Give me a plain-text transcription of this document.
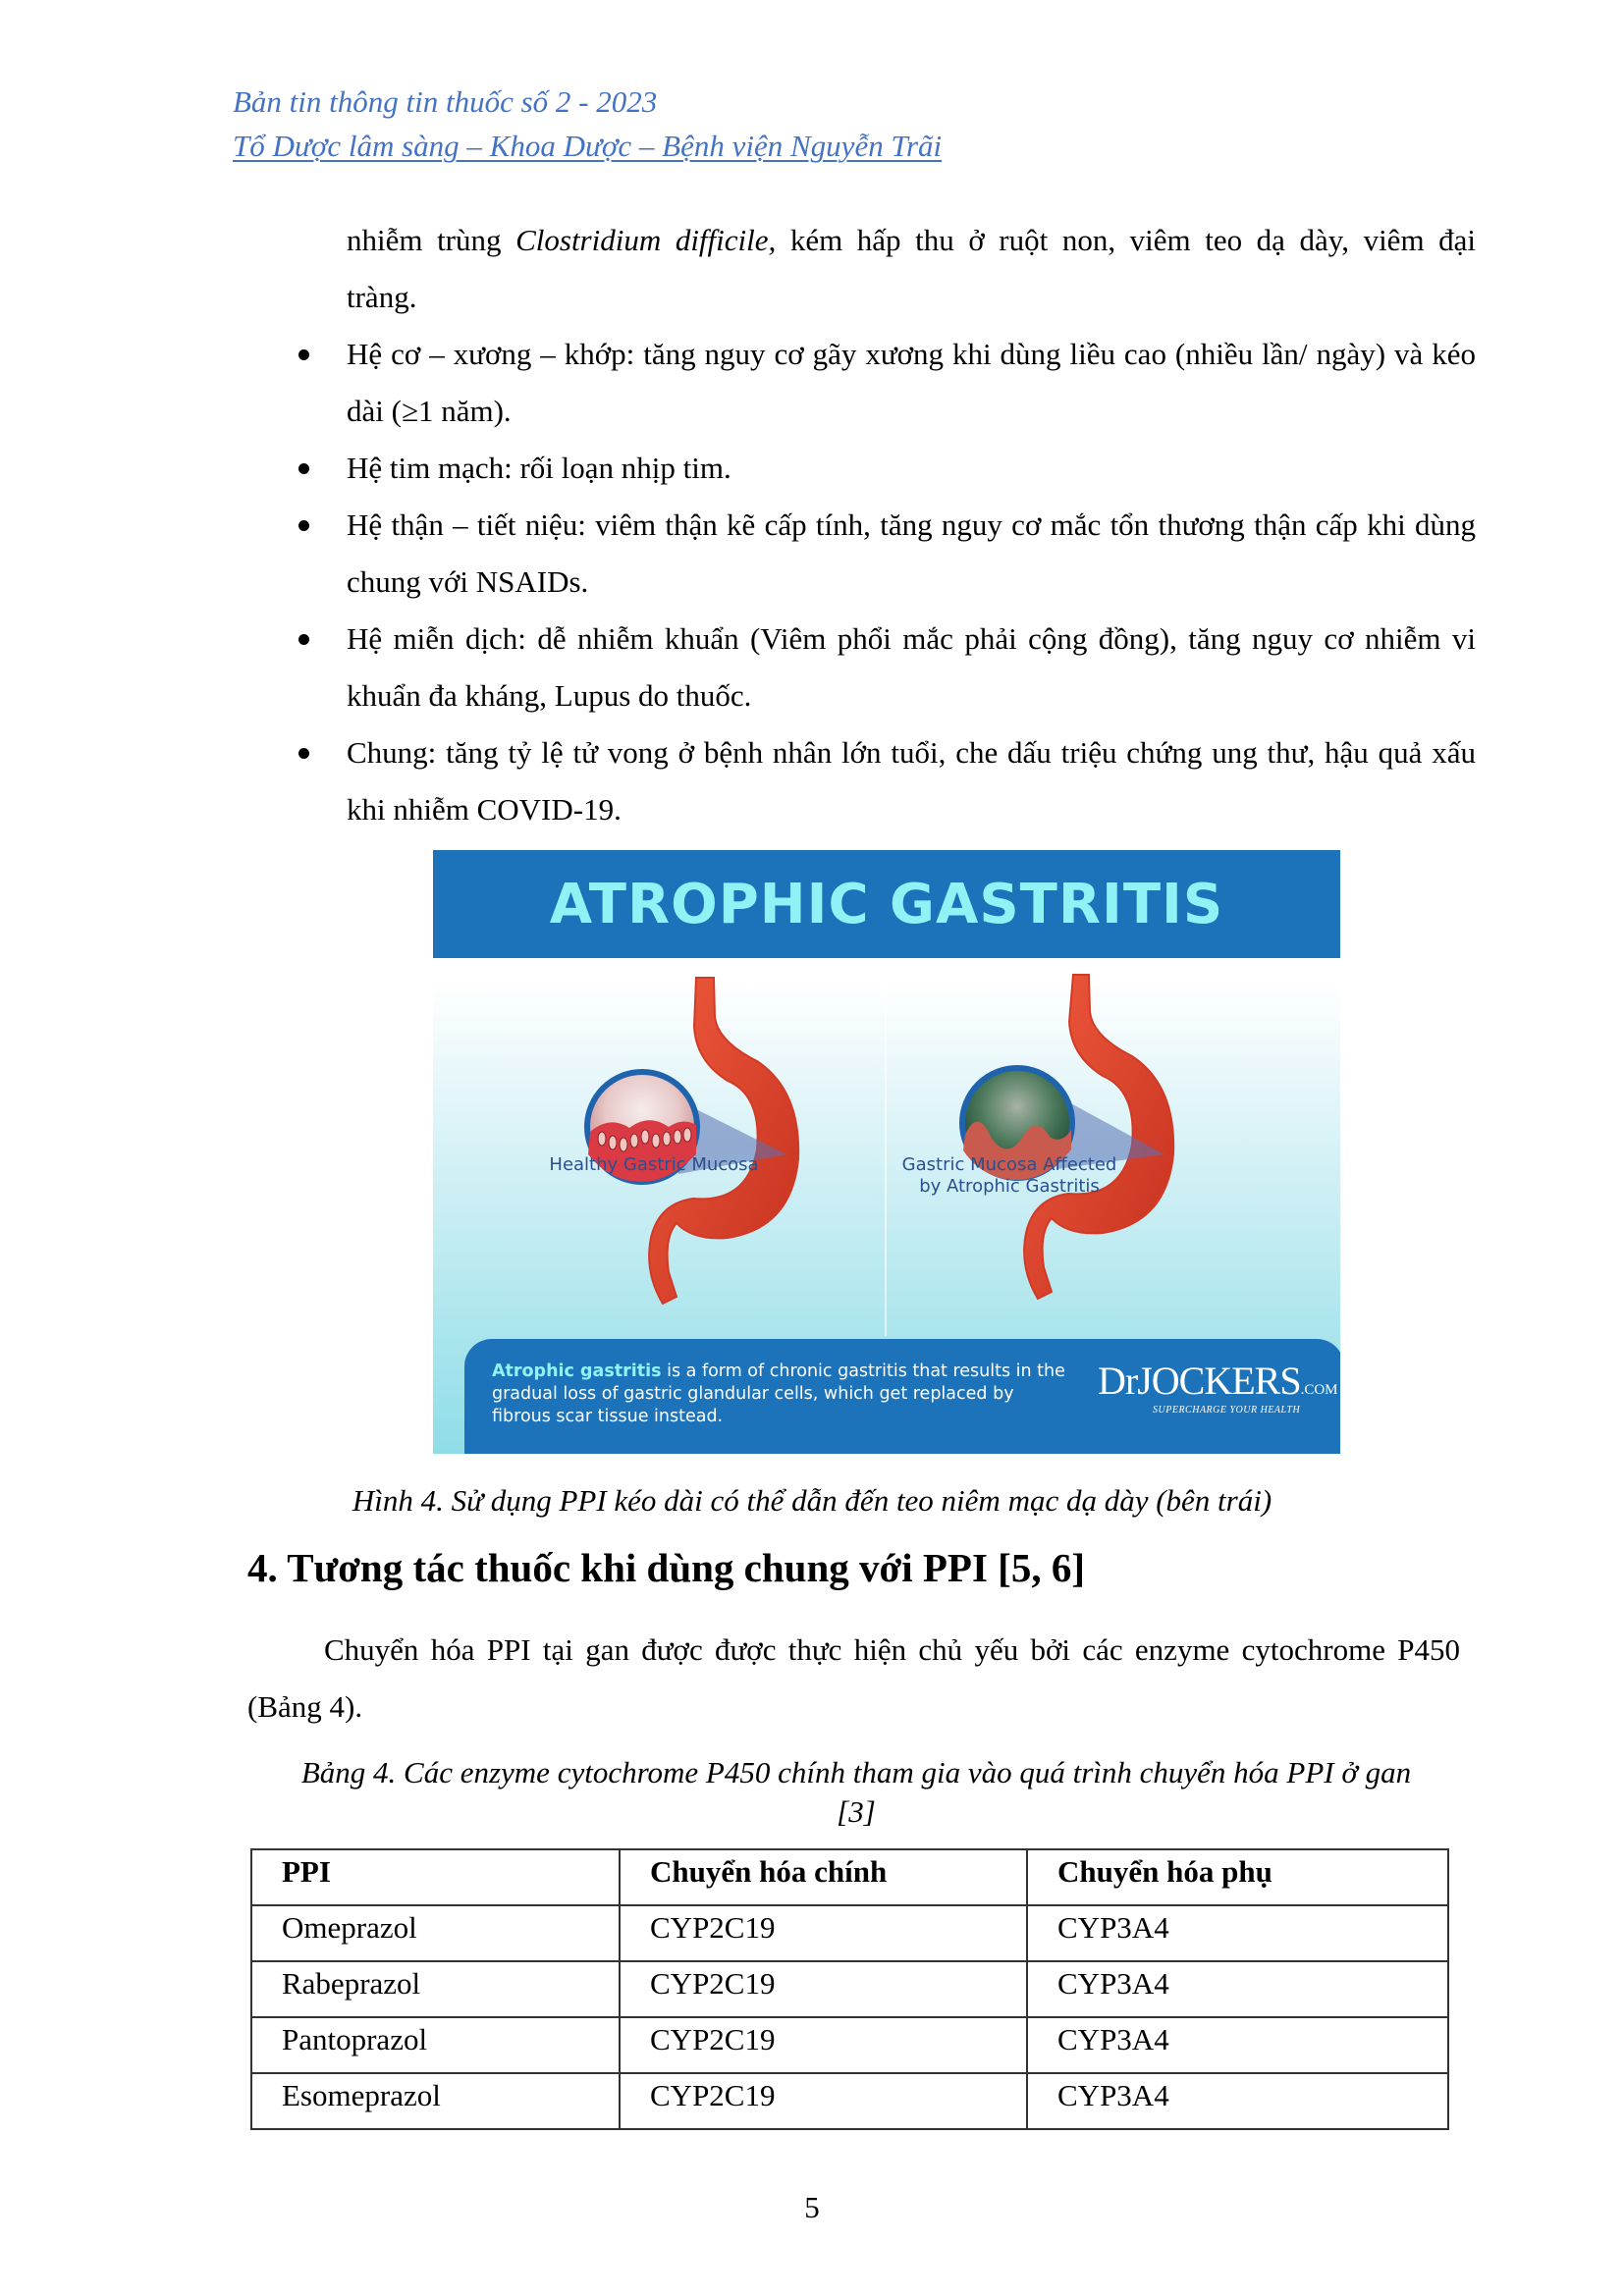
Bản tin thông tin thuốc số 2 - 2023
Tổ Dược lâm sàng – Khoa Dược – Bệnh viện Nguyễn Trãi
nhiễm trùng Clostridium difficile, kém hấp thu ở ruột non, viêm teo dạ dày, viêm đại
tràng.
Hệ cơ – xương – khớp: tăng nguy cơ gãy xương khi dùng liều cao (nhiều lần/ ngày) và kéo dài (≥1 năm).
Hệ tim mạch: rối loạn nhịp tim.
Hệ thận – tiết niệu: viêm thận kẽ cấp tính, tăng nguy cơ mắc tổn thương thận cấp khi dùng chung với NSAIDs.
Hệ miễn dịch: dễ nhiễm khuẩn (Viêm phổi mắc phải cộng đồng), tăng nguy cơ nhiễm vi khuẩn đa kháng, Lupus do thuốc.
Chung: tăng tỷ lệ tử vong ở bệnh nhân lớn tuổi, che dấu triệu chứng ung thư, hậu quả xấu khi nhiễm COVID-19.
ATROPHIC GASTRITIS
Healthy Gastric Mucosa	Gastric Mucosa Affected
by Atrophic Gastritis
Atrophic gastritis is a form of chronic gastritis that results in the gradual loss of gastric glandular cells, which get replaced by fibrous scar tissue instead.
DrJOCKERS.COM
SUPERCHARGE YOUR HEALTH
Hình 4. Sử dụng PPI kéo dài có thể dẫn đến teo niêm mạc dạ dày (bên trái)
4. Tương tác thuốc khi dùng chung với PPI [5, 6]
Chuyển hóa PPI tại gan được được thực hiện chủ yếu bởi các enzyme cytochrome P450 (Bảng 4).
Bảng 4. Các enzyme cytochrome P450 chính tham gia vào quá trình chuyển hóa PPI ở gan
[3]
PPI	Chuyển hóa chính	Chuyển hóa phụ
Omeprazol	CYP2C19	CYP3A4
Rabeprazol	CYP2C19	CYP3A4
Pantoprazol	CYP2C19	CYP3A4
Esomeprazol	CYP2C19	CYP3A4
5
